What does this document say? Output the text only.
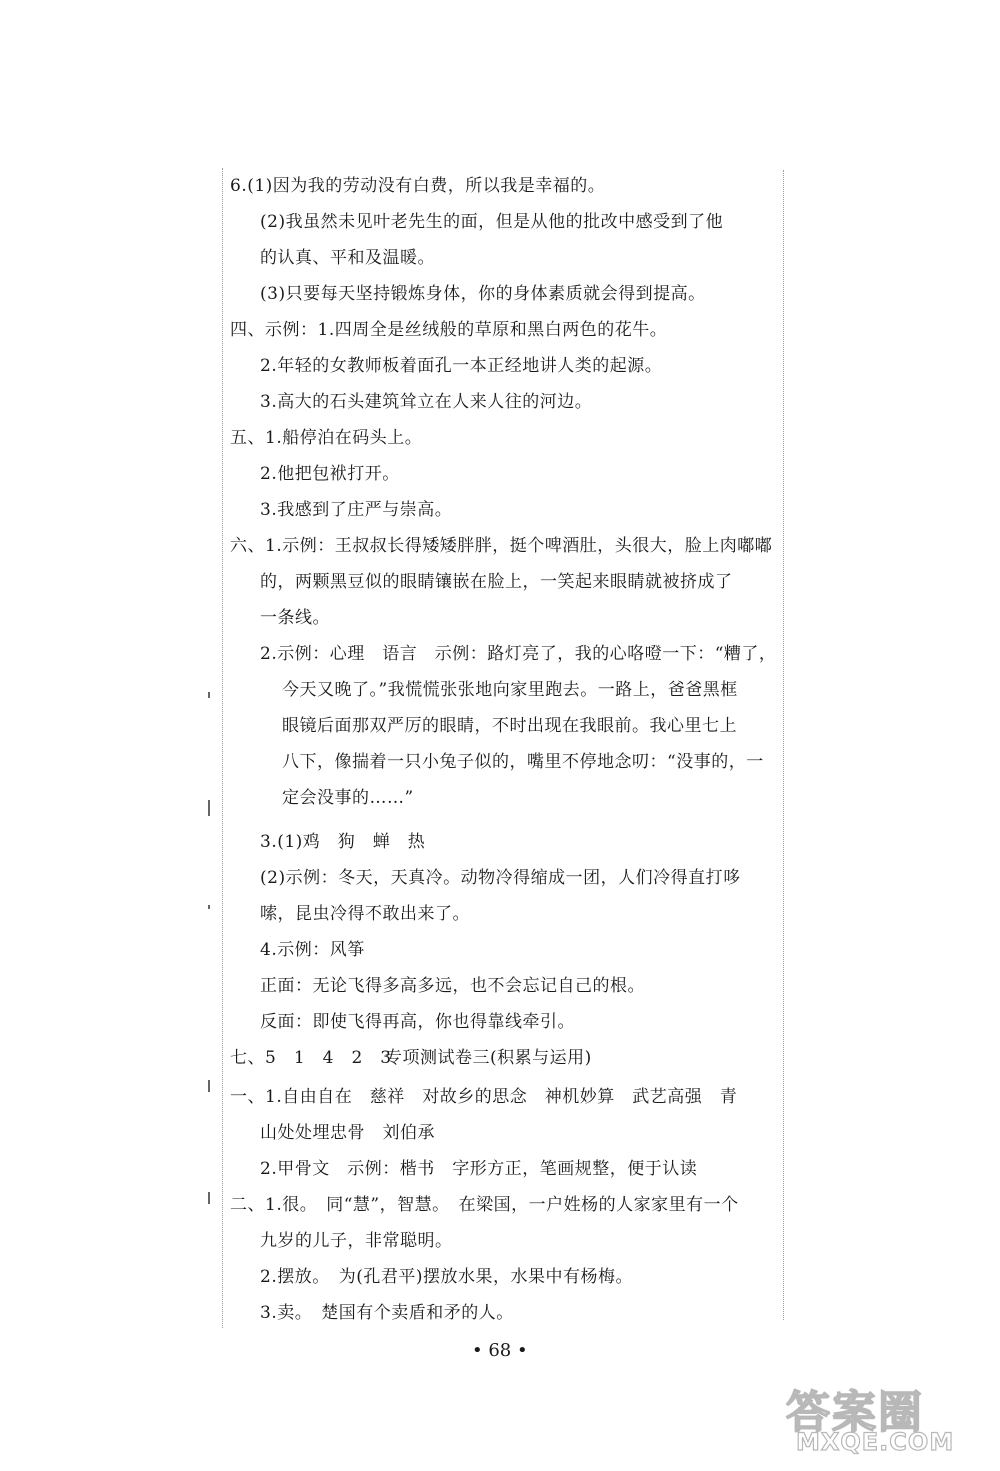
6.(1)因为我的劳动没有白费，所以我是幸福的。
(2)我虽然未见叶老先生的面，但是从他的批改中感受到了他
的认真、平和及温暖。
(3)只要每天坚持锻炼身体，你的身体素质就会得到提高。
四、示例：1.四周全是丝绒般的草原和黑白两色的花牛。
2.年轻的女教师板着面孔一本正经地讲人类的起源。
3.高大的石头建筑耸立在人来人往的河边。
五、1.船停泊在码头上。
2.他把包袱打开。
3.我感到了庄严与崇高。
六、1.示例：王叔叔长得矮矮胖胖，挺个啤酒肚，头很大，脸上肉嘟嘟
的，两颗黑豆似的眼睛镶嵌在脸上，一笑起来眼睛就被挤成了
一条线。
2.示例：心理　语言　示例：路灯亮了，我的心咯噔一下：“糟了，
今天又晚了。”我慌慌张张地向家里跑去。一路上，爸爸黑框
眼镜后面那双严厉的眼睛，不时出现在我眼前。我心里七上
八下，像揣着一只小兔子似的，嘴里不停地念叨：“没事的，一
定会没事的……”
3.(1)鸡　狗　蝉　热
(2)示例：冬天，天真冷。动物冷得缩成一团，人们冷得直打哆
嗦，昆虫冷得不敢出来了。
4.示例：风筝
正面：无论飞得多高多远，也不会忘记自己的根。
反面：即使飞得再高，你也得靠线牵引。
七、5　1　4　2　3
专项测试卷三(积累与运用)
一、1.自由自在　慈祥　对故乡的思念　神机妙算　武艺高强　青
山处处埋忠骨　刘伯承
2.甲骨文　示例：楷书　字形方正，笔画规整，便于认读
二、1.很。　同“慧”，智慧。　在梁国，一户姓杨的人家家里有一个
九岁的儿子，非常聪明。
2.摆放。　为(孔君平)摆放水果，水果中有杨梅。
3.卖。　楚国有个卖盾和矛的人。
• 68 •
答案圈
MXQE.COM
